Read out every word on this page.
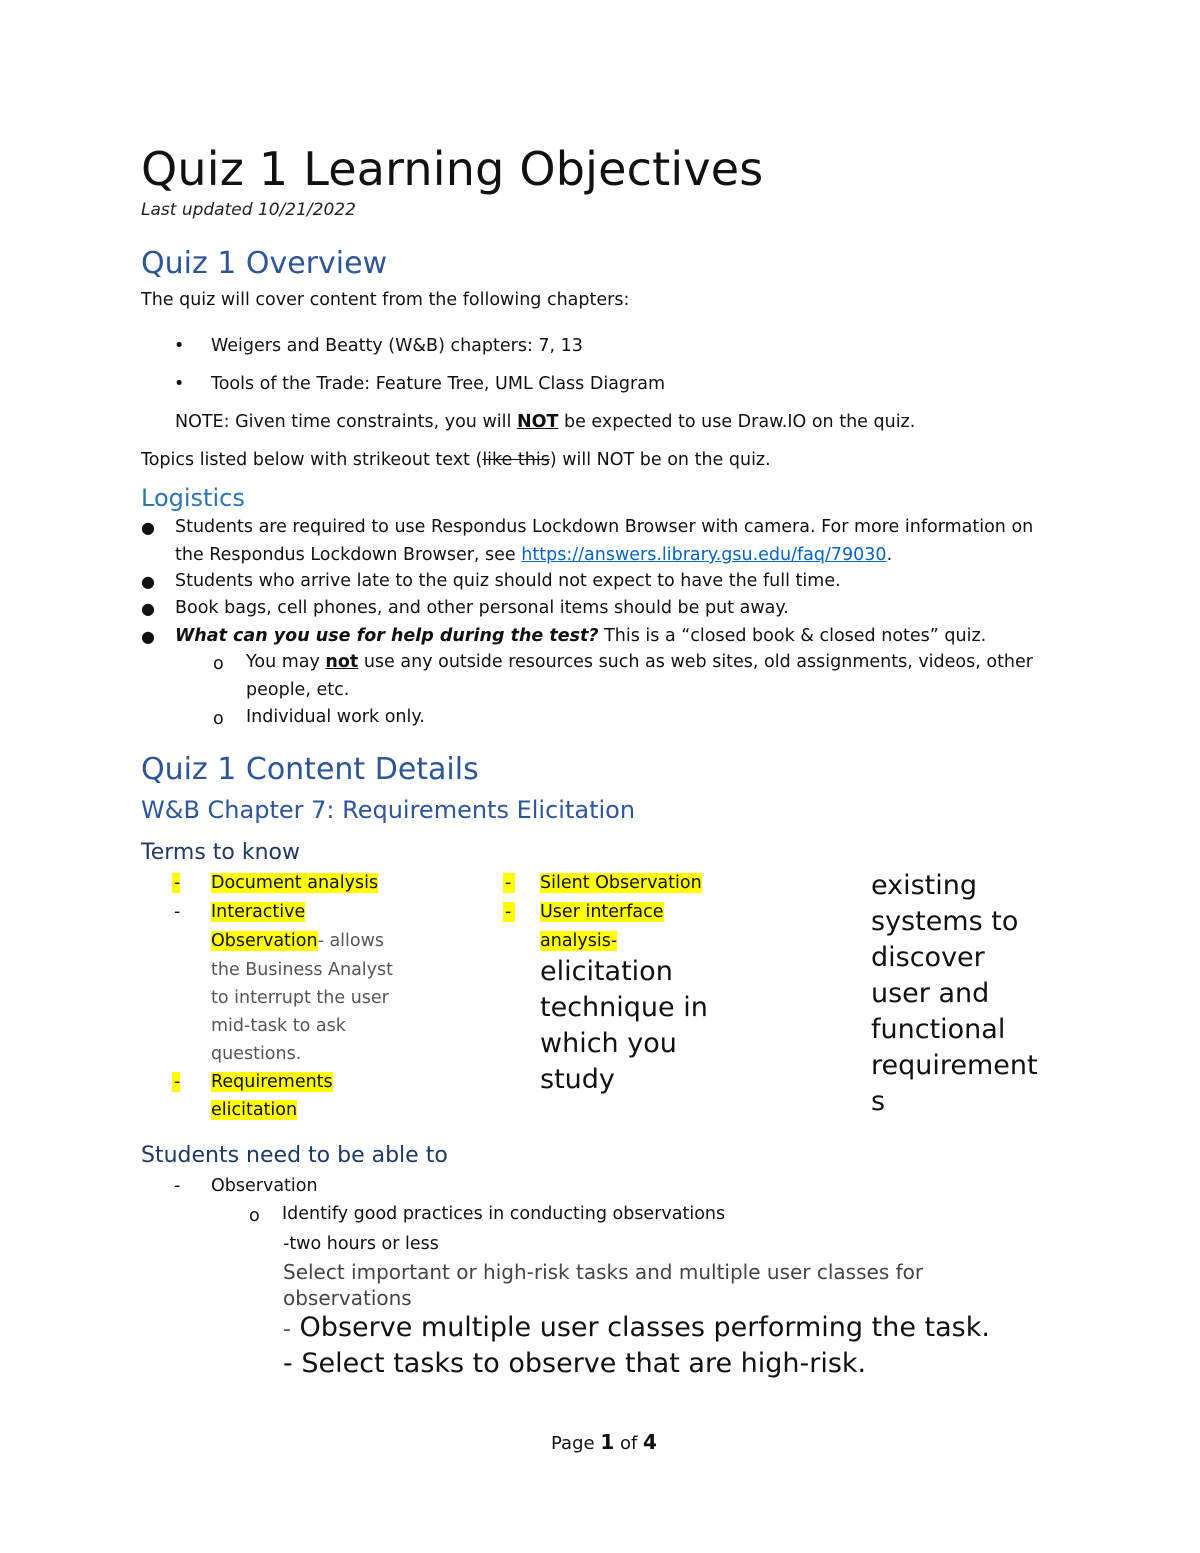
Quiz 1 Learning Objectives
Last updated 10/21/2022
Quiz 1 Overview
The quiz will cover content from the following chapters:
• Weigers and Beatty (W&B) chapters: 7, 13
• Tools of the Trade: Feature Tree, UML Class Diagram
NOTE: Given time constraints, you will NOT be expected to use Draw.IO on the quiz.
Topics listed below with strikeout text (like this) will NOT be on the quiz.
Logistics
● Students are required to use Respondus Lockdown Browser with camera. For more information on
the Respondus Lockdown Browser, see https://answers.library.gsu.edu/faq/79030.
● Students who arrive late to the quiz should not expect to have the full time.
● Book bags, cell phones, and other personal items should be put away.
● What can you use for help during the test? This is a “closed book & closed notes” quiz.
o You may not use any outside resources such as web sites, old assignments, videos, other
people, etc.
o Individual work only.
Quiz 1 Content Details
W&B Chapter 7: Requirements Elicitation
Terms to know
- Document analysis
- Interactive
Observation- allows
the Business Analyst
to interrupt the user
mid-task to ask
questions.
- Requirements
elicitation
- Silent Observation
- User interface
analysis-
elicitation
technique in
which you
study
existing
systems to
discover
user and
functional
requirement
s
Students need to be able to
- Observation
o Identify good practices in conducting observations
-two hours or less
Select important or high-risk tasks and multiple user classes for
observations
- Observe multiple user classes performing the task.
- Select tasks to observe that are high-risk.
Page 1 of 4
